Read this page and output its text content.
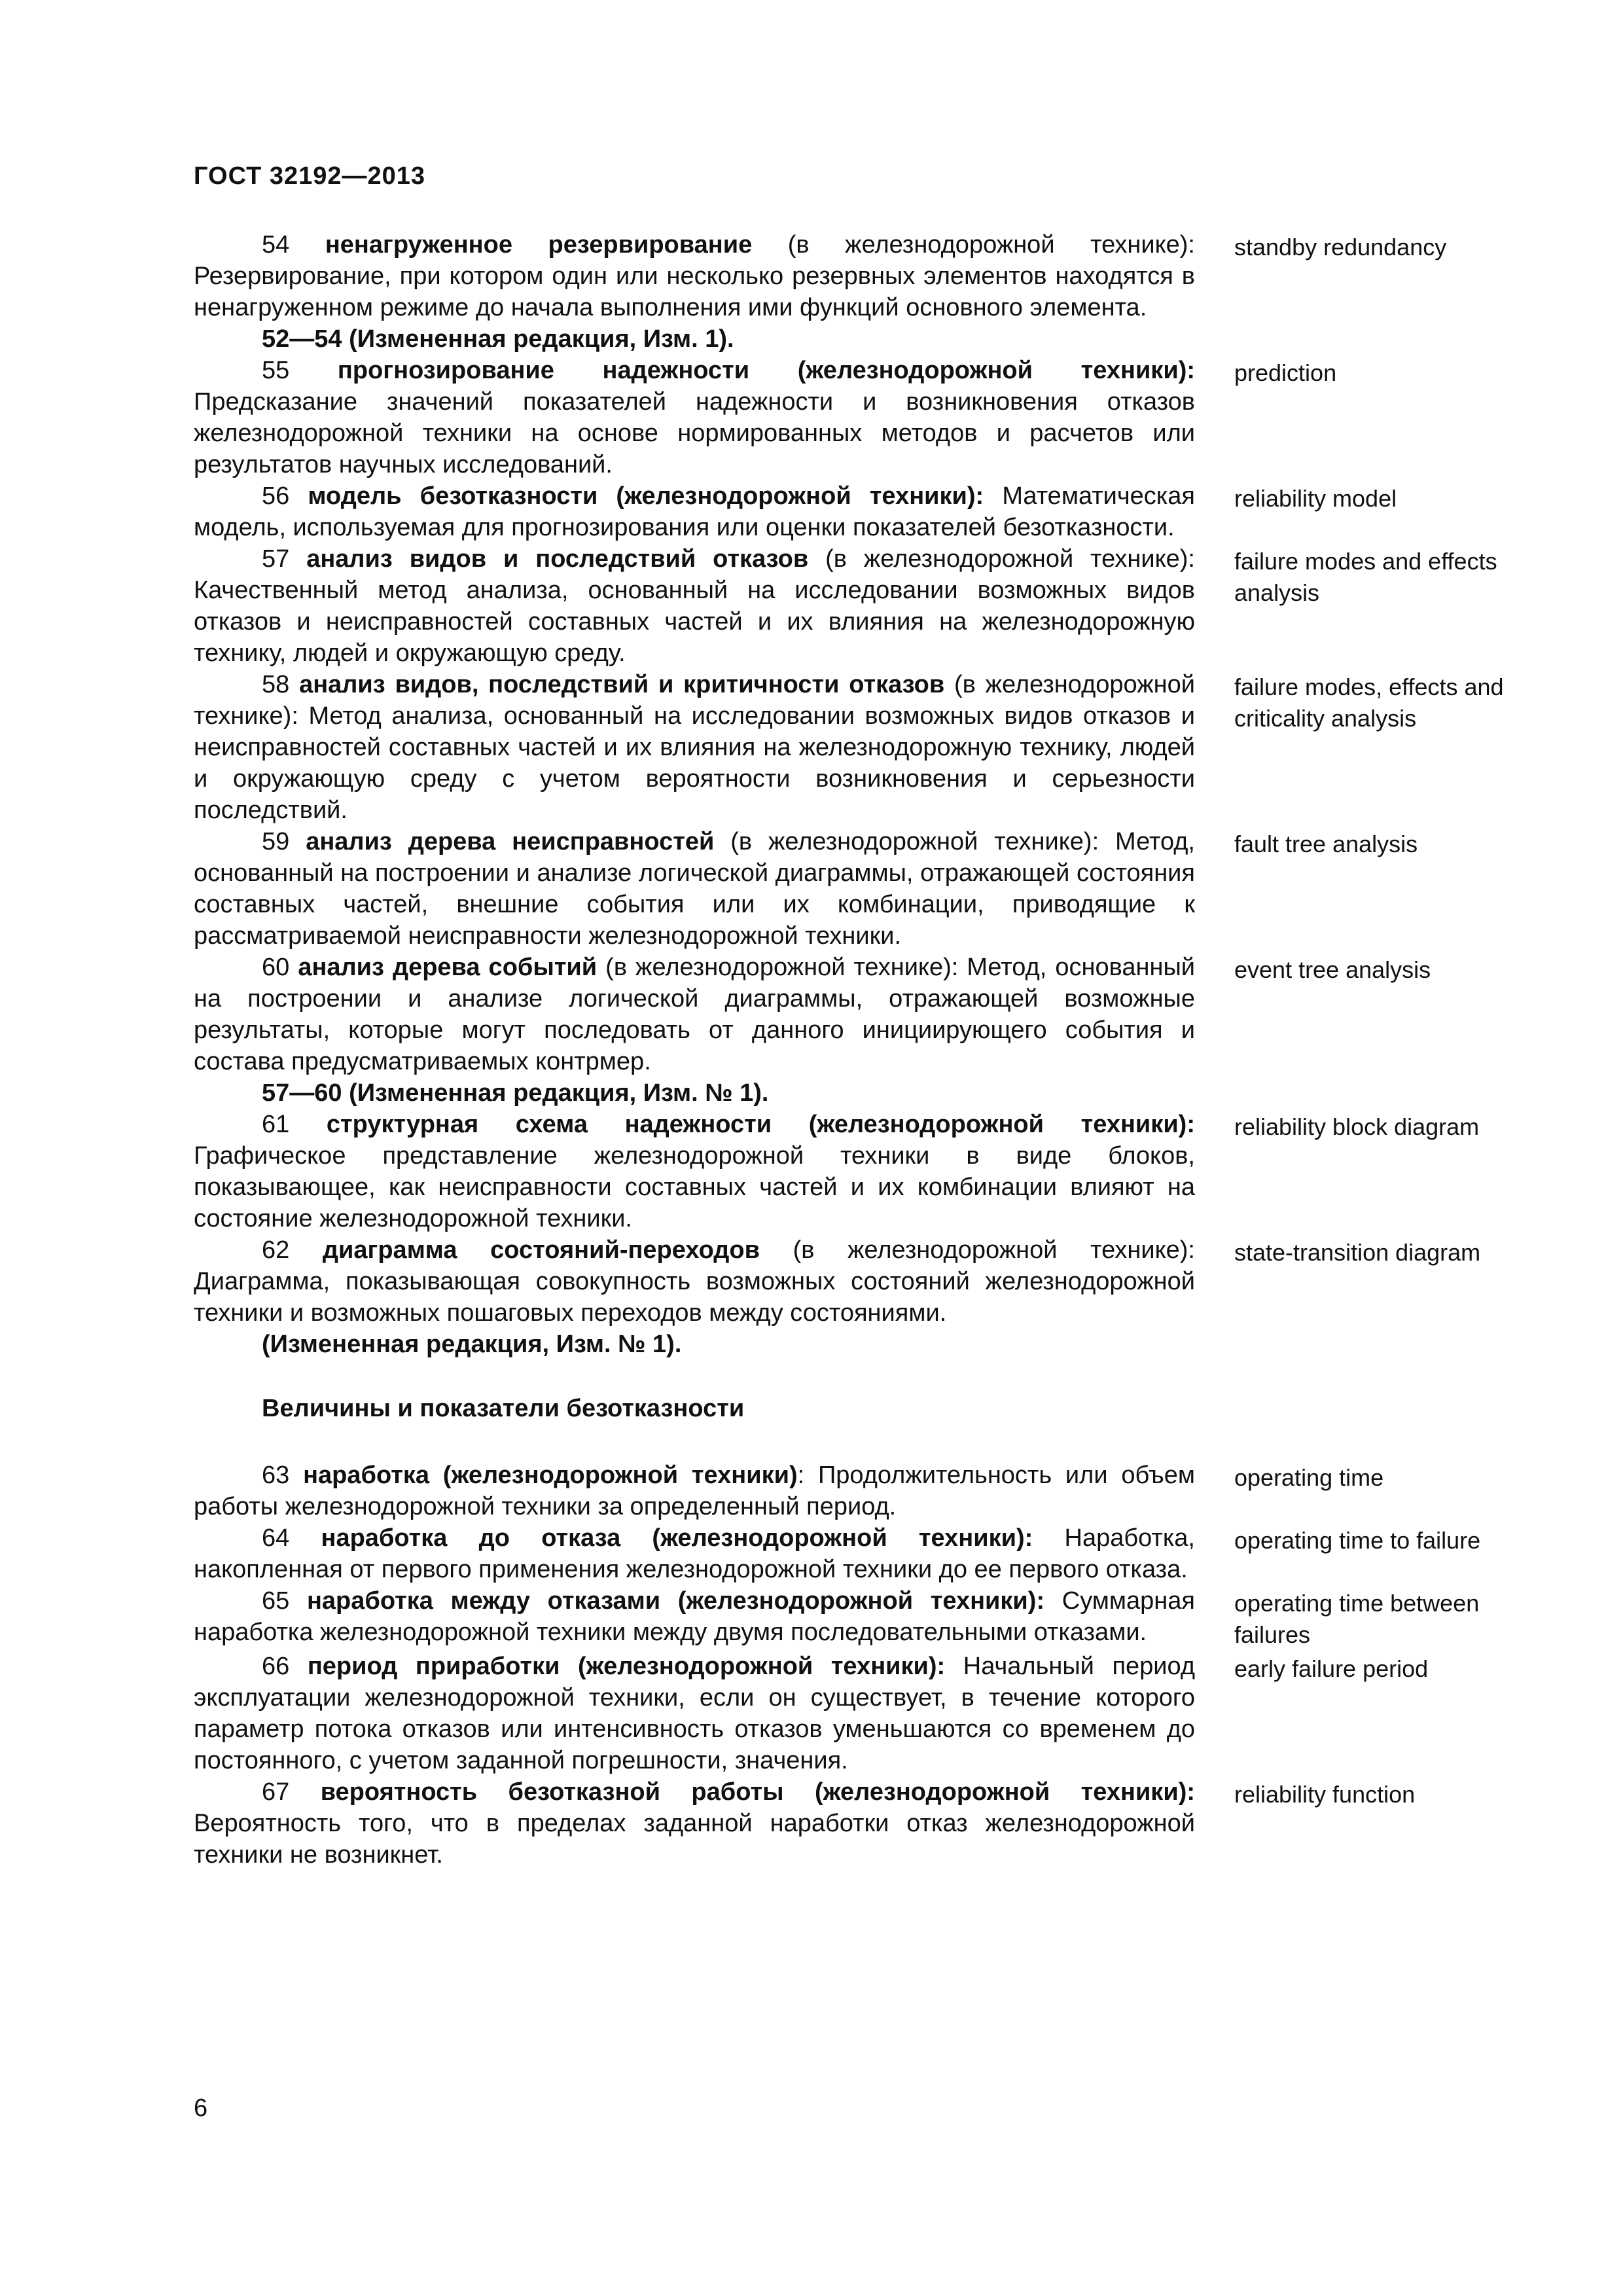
ГОСТ 32192—2013
54 ненагруженное резервирование (в железнодорожной технике): Резервирование, при котором один или несколько резервных элементов находятся в ненагруженном режиме до начала выполнения ими функций основного элемента.
standby redundancy
52—54 (Измененная редакция, Изм. 1).
55 прогнозирование надежности (железнодорожной техники): Предсказание значений показателей надежности и возникновения отказов железнодорожной техники на основе нормированных методов и расчетов или результатов научных исследований.
prediction
56 модель безотказности (железнодорожной техники): Математическая модель, используемая для прогнозирования или оценки показателей безотказности.
reliability model
57 анализ видов и последствий отказов (в железнодорожной технике): Качественный метод анализа, основанный на исследовании возможных видов отказов и неисправностей составных частей и их влияния на железнодорожную технику, людей и окружающую среду.
failure modes and effects analysis
58 анализ видов, последствий и критичности отказов (в железнодорожной технике): Метод анализа, основанный на исследовании возможных видов отказов и неисправностей составных частей и их влияния на железнодорожную технику, людей и окружающую среду с учетом вероятности возникновения и серьезности последствий.
failure modes, effects and criticality analysis
59 анализ дерева неисправностей (в железнодорожной технике): Метод, основанный на построении и анализе логической диаграммы, отражающей состояния составных частей, внешние события или их комбинации, приводящие к рассматриваемой неисправности железнодорожной техники.
fault tree analysis
60 анализ дерева событий (в железнодорожной технике): Метод, основанный на построении и анализе логической диаграммы, отражающей возможные результаты, которые могут последовать от данного инициирующего события и состава предусматриваемых контрмер.
event tree analysis
57—60 (Измененная редакция, Изм. № 1).
61 структурная схема надежности (железнодорожной техники): Графическое представление железнодорожной техники в виде блоков, показывающее, как неисправности составных частей и их комбинации влияют на состояние железнодорожной техники.
reliability block diagram
62 диаграмма состояний-переходов (в железнодорожной технике): Диаграмма, показывающая совокупность возможных состояний железнодорожной техники и возможных пошаговых переходов между состояниями.
state-transition diagram
(Измененная редакция, Изм. № 1).
Величины и показатели безотказности
63 наработка (железнодорожной техники): Продолжительность или объем работы железнодорожной техники за определенный период.
operating time
64 наработка до отказа (железнодорожной техники): Наработка, накопленная от первого применения железнодорожной техники до ее первого отказа.
operating time to failure
65 наработка между отказами (железнодорожной техники): Суммарная наработка железнодорожной техники между двумя последовательными отказами.
operating time between failures
66 период приработки (железнодорожной техники): Начальный период эксплуатации железнодорожной техники, если он существует, в течение которого параметр потока отказов или интенсивность отказов уменьшаются со временем до постоянного, с учетом заданной погрешности, значения.
early failure period
67 вероятность безотказной работы (железнодорожной техники): Вероятность того, что в пределах заданной наработки отказ железнодорожной техники не возникнет.
reliability function
6
